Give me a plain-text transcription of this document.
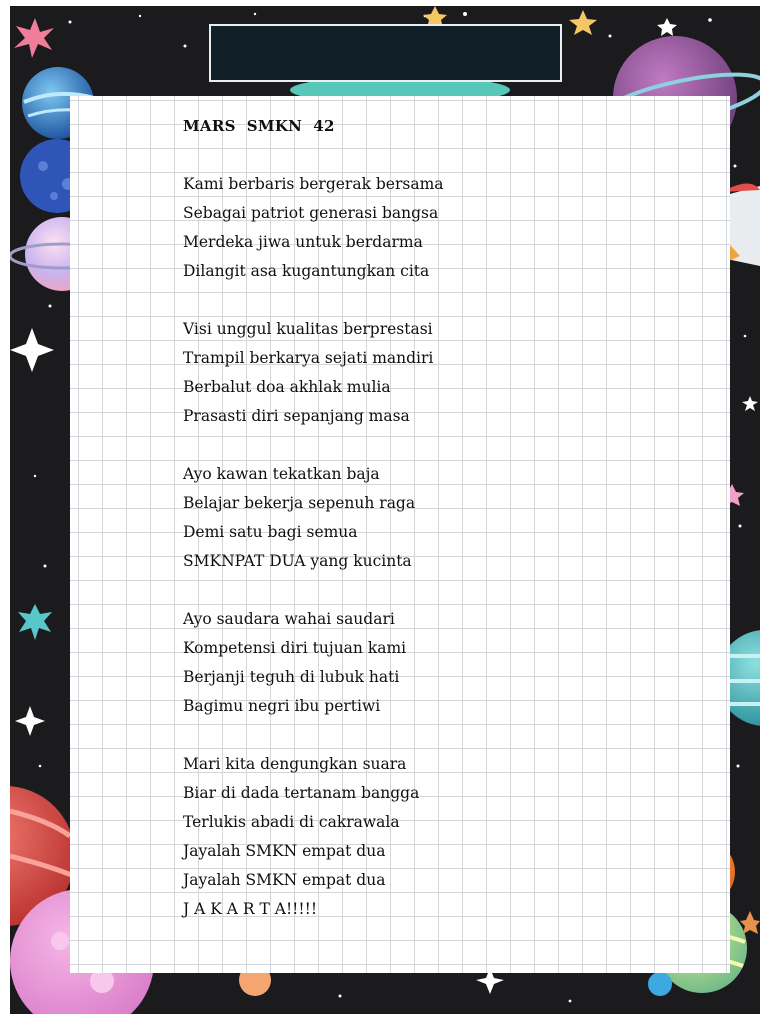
MARS  SMKN  42
Kami berbaris bergerak bersama
Sebagai patriot generasi bangsa
Merdeka jiwa untuk berdarma
Dilangit asa kugantungkan cita
Visi unggul kualitas berprestasi
Trampil berkarya sejati mandiri
Berbalut doa akhlak mulia
Prasasti diri sepanjang masa
Ayo kawan tekatkan baja
Belajar bekerja sepenuh raga
Demi satu bagi semua
SMKNPAT DUA yang kucinta
Ayo saudara wahai saudari
Kompetensi diri tujuan kami
Berjanji teguh di lubuk hati
Bagimu negri ibu pertiwi
Mari kita dengungkan suara
Biar di dada tertanam bangga
Terlukis abadi di cakrawala
Jayalah SMKN empat dua
Jayalah SMKN empat dua
J A K A R T A!!!!!
